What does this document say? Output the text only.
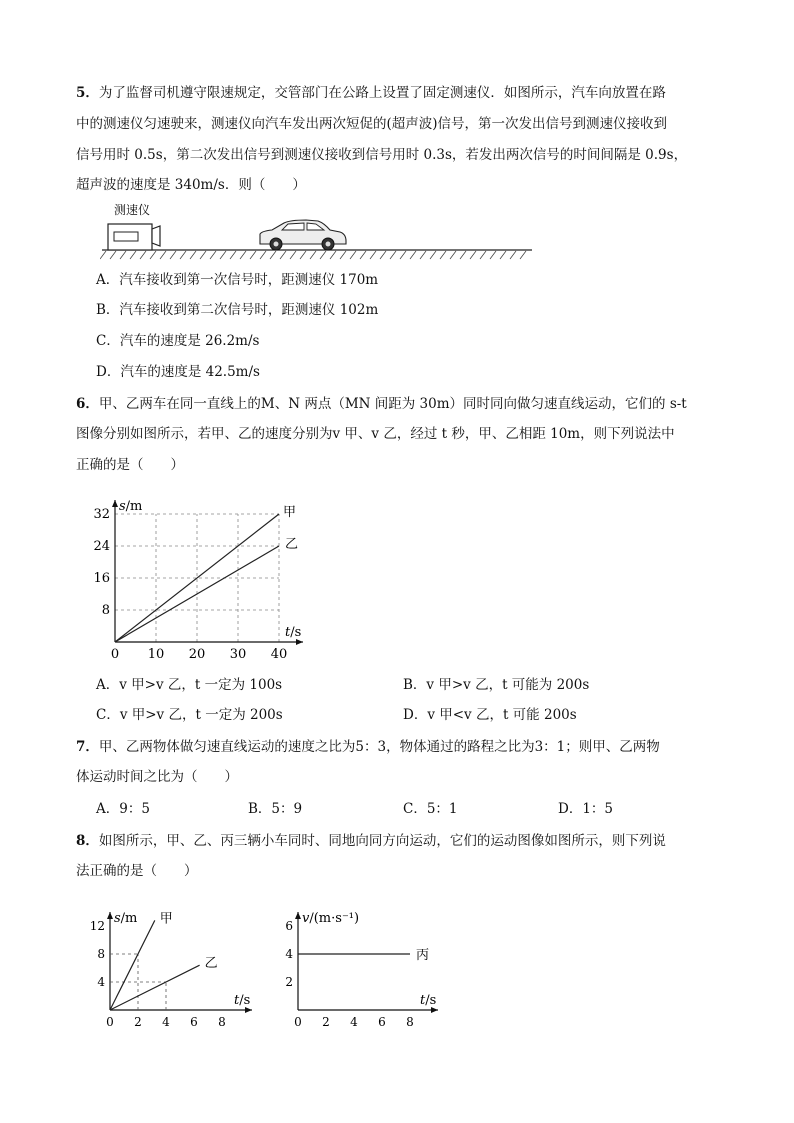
5．为了监督司机遵守限速规定，交管部门在公路上设置了固定测速仪．如图所示，汽车向放置在路
中的测速仪匀速驶来，测速仪向汽车发出两次短促的(超声波)信号，第一次发出信号到测速仪接收到
信号用时 0.5s，第二次发出信号到测速仪接收到信号用时 0.3s，若发出两次信号的时间间隔是 0.9s，
超声波的速度是 340m/s．则（　　）
测速仪
A．汽车接收到第一次信号时，距测速仪 170m
B．汽车接收到第二次信号时，距测速仪 102m
C．汽车的速度是 26.2m/s
D．汽车的速度是 42.5m/s
6．甲、乙两车在同一直线上的M、N 两点（MN 间距为 30m）同时同向做匀速直线运动，它们的 s-t
图像分别如图所示，若甲、乙的速度分别为v 甲、v 乙，经过 t 秒，甲、乙相距 10m，则下列说法中
正确的是（　　）
0 10 20 30 40
8
16
24
32
s/m
t/s
甲
乙
A．v 甲>v 乙，t 一定为 100s	B．v 甲>v 乙，t 可能为 200s
C．v 甲>v 乙，t 一定为 200s	D．v 甲<v 乙，t 可能 200s
7．甲、乙两物体做匀速直线运动的速度之比为5：3，物体通过的路程之比为3：1；则甲、乙两物
体运动时间之比为（　　）
A．9：5	B．5：9	C．5：1	D．1：5
8．如图所示，甲、乙、丙三辆小车同时、同地向同方向运动，它们的运动图像如图所示，则下列说
法正确的是（　　）
0 2 4 6 8
4
8
12 s/m
t/s
甲
乙
0 2 4 6 8
2
4
6 v/(m·s⁻¹)
t/s
丙
